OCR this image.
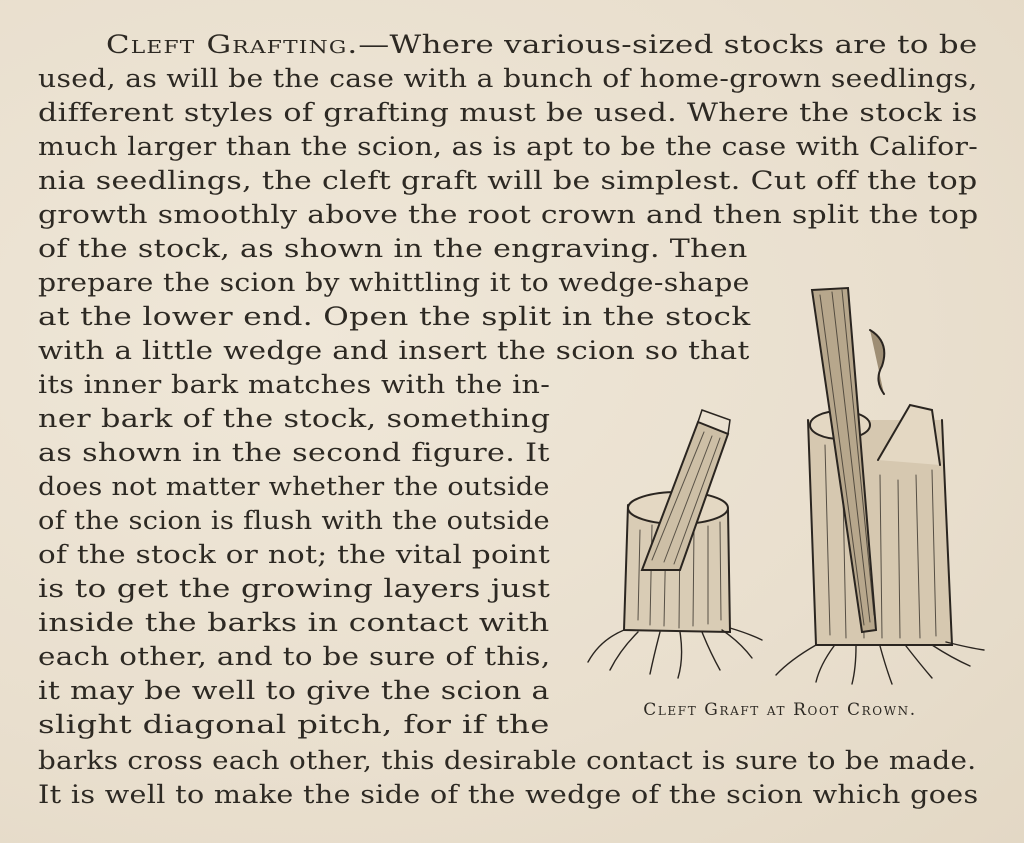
Cleft Grafting.—Where various-sized stocks are to be

used, as will be the case with a bunch of home-grown seedlings,

different styles of grafting must be used. Where the stock is

much larger than the scion, as is apt to be the case with Califor-

nia seedlings, the cleft graft will be simplest. Cut off the top

growth smoothly above the root crown and then split the top

of the stock, as shown in the engraving. Then

prepare the scion by whittling it to wedge-shape

at the lower end. Open the split in the stock

with a little wedge and insert the scion so that

its inner bark matches with the in-

ner bark of the stock, something

as shown in the second figure. It

does not matter whether the outside

of the scion is flush with the outside

of the stock or not; the vital point

is to get the growing layers just

inside the barks in contact with

each other, and to be sure of this,

it may be well to give the scion a

slight diagonal pitch, for if the

barks cross each other, this desirable contact is sure to be made.

It is well to make the side of the wedge of the scion which goes

Cleft Graft at Root Crown.
